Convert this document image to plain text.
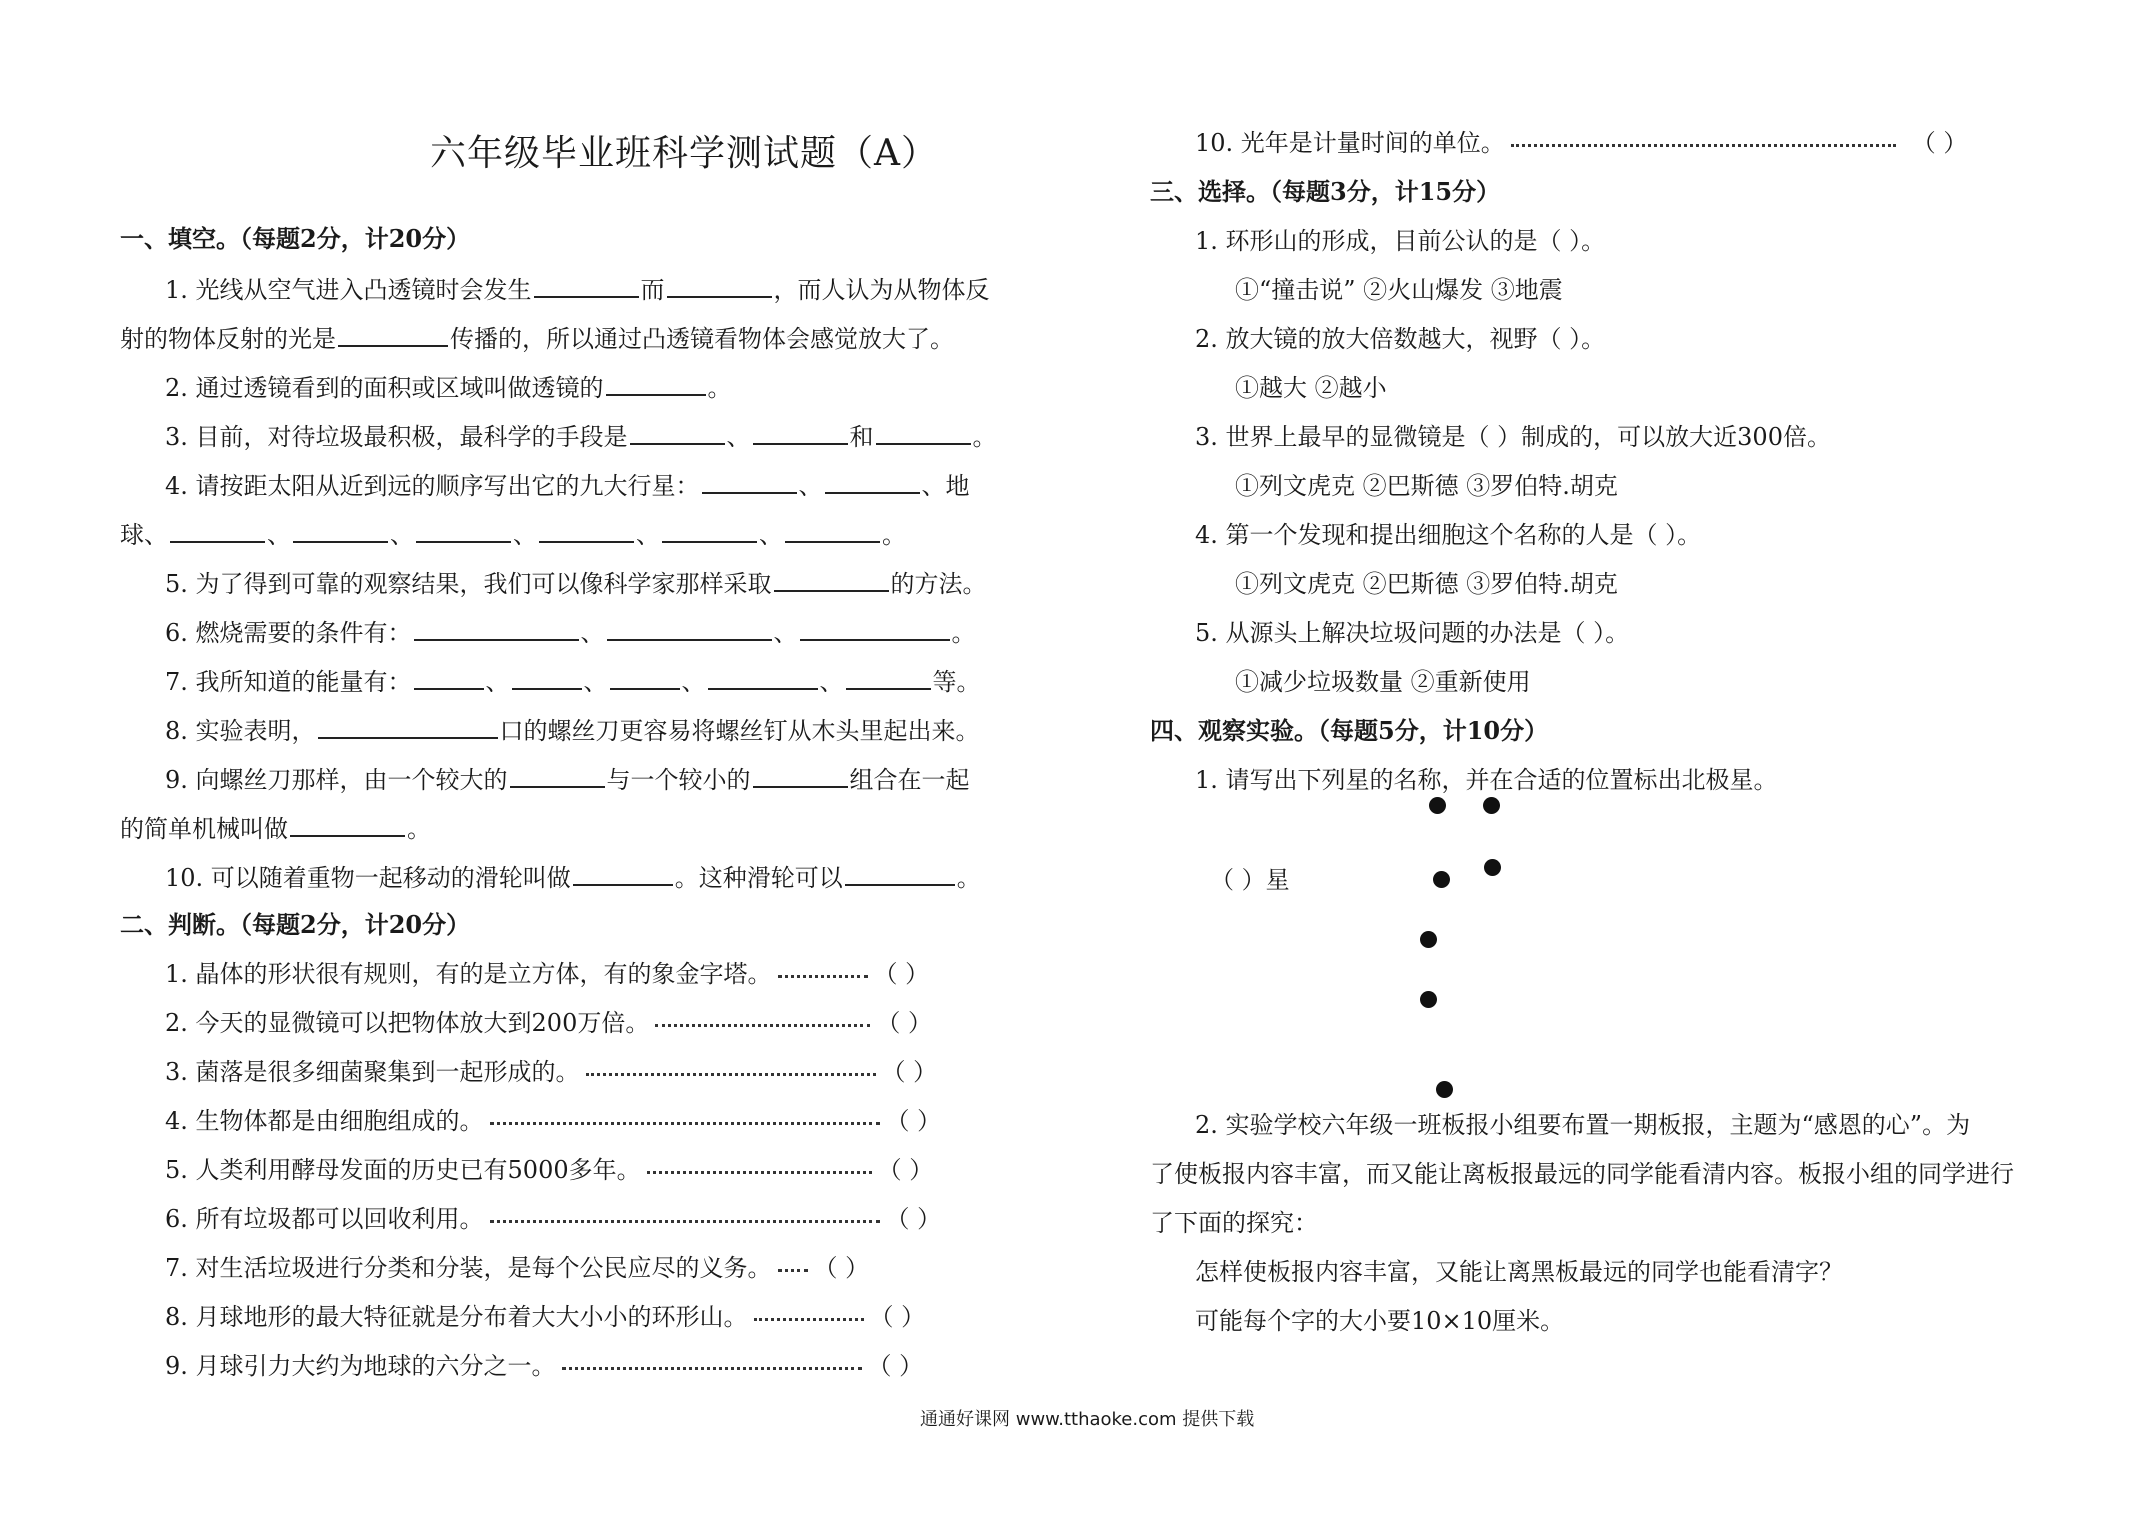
六年级毕业班科学测试题（A）
一、填空。（每题2分，计20分）
1. 光线从空气进入凸透镜时会发生	而	，而人认为从物体反
射的物体反射的光是	传播的，所以通过凸透镜看物体会感觉放大了。
2. 通过透镜看到的面积或区域叫做透镜的	。
3. 目前，对待垃圾最积极，最科学的手段是	、	和	。
4. 请按距太阳从近到远的顺序写出它的九大行星：	、	、地
球、	、	、	、	、	、	。
5. 为了得到可靠的观察结果，我们可以像科学家那样采取	的方法。
6. 燃烧需要的条件有：	、	、	。
7. 我所知道的能量有：	、	、	、	、	等。
8. 实验表明，	口的螺丝刀更容易将螺丝钉从木头里起出来。
9. 向螺丝刀那样，由一个较大的	与一个较小的	组合在一起
的简单机械叫做	。
10. 可以随着重物一起移动的滑轮叫做	。这种滑轮可以	。
二、判断。（每题2分，计20分）
1. 晶体的形状很有规则，有的是立方体，有的象金字塔。	（ ）
2. 今天的显微镜可以把物体放大到200万倍。	（ ）
3. 菌落是很多细菌聚集到一起形成的。	（ ）
4. 生物体都是由细胞组成的。	（ ）
5. 人类利用酵母发面的历史已有5000多年。	（ ）
6. 所有垃圾都可以回收利用。	（ ）
7. 对生活垃圾进行分类和分装，是每个公民应尽的义务。 （ ）
8. 月球地形的最大特征就是分布着大大小小的环形山。	（ ）
9. 月球引力大约为地球的六分之一。	（ ）
10. 光年是计量时间的单位。	（ ）
三、选择。（每题3分，计15分）
1. 环形山的形成，目前公认的是（ ）。
①“撞击说” ②火山爆发 ③地震
2. 放大镜的放大倍数越大，视野（ ）。
①越大 ②越小
3. 世界上最早的显微镜是（ ）制成的，可以放大近300倍。
①列文虎克 ②巴斯德 ③罗伯特.胡克
4. 第一个发现和提出细胞这个名称的人是（ ）。
①列文虎克 ②巴斯德 ③罗伯特.胡克
5. 从源头上解决垃圾问题的办法是（ ）。
①减少垃圾数量 ②重新使用
四、观察实验。（每题5分，计10分）
1. 请写出下列星的名称，并在合适的位置标出北极星。
（ ）星
2. 实验学校六年级一班板报小组要布置一期板报，主题为“感恩的心”。为
了使板报内容丰富，而又能让离板报最远的同学能看清内容。板报小组的同学进行
了下面的探究：
怎样使板报内容丰富，又能让离黑板最远的同学也能看清字？
可能每个字的大小要10×10厘米。
通通好课网 www.tthaoke.com 提供下载
